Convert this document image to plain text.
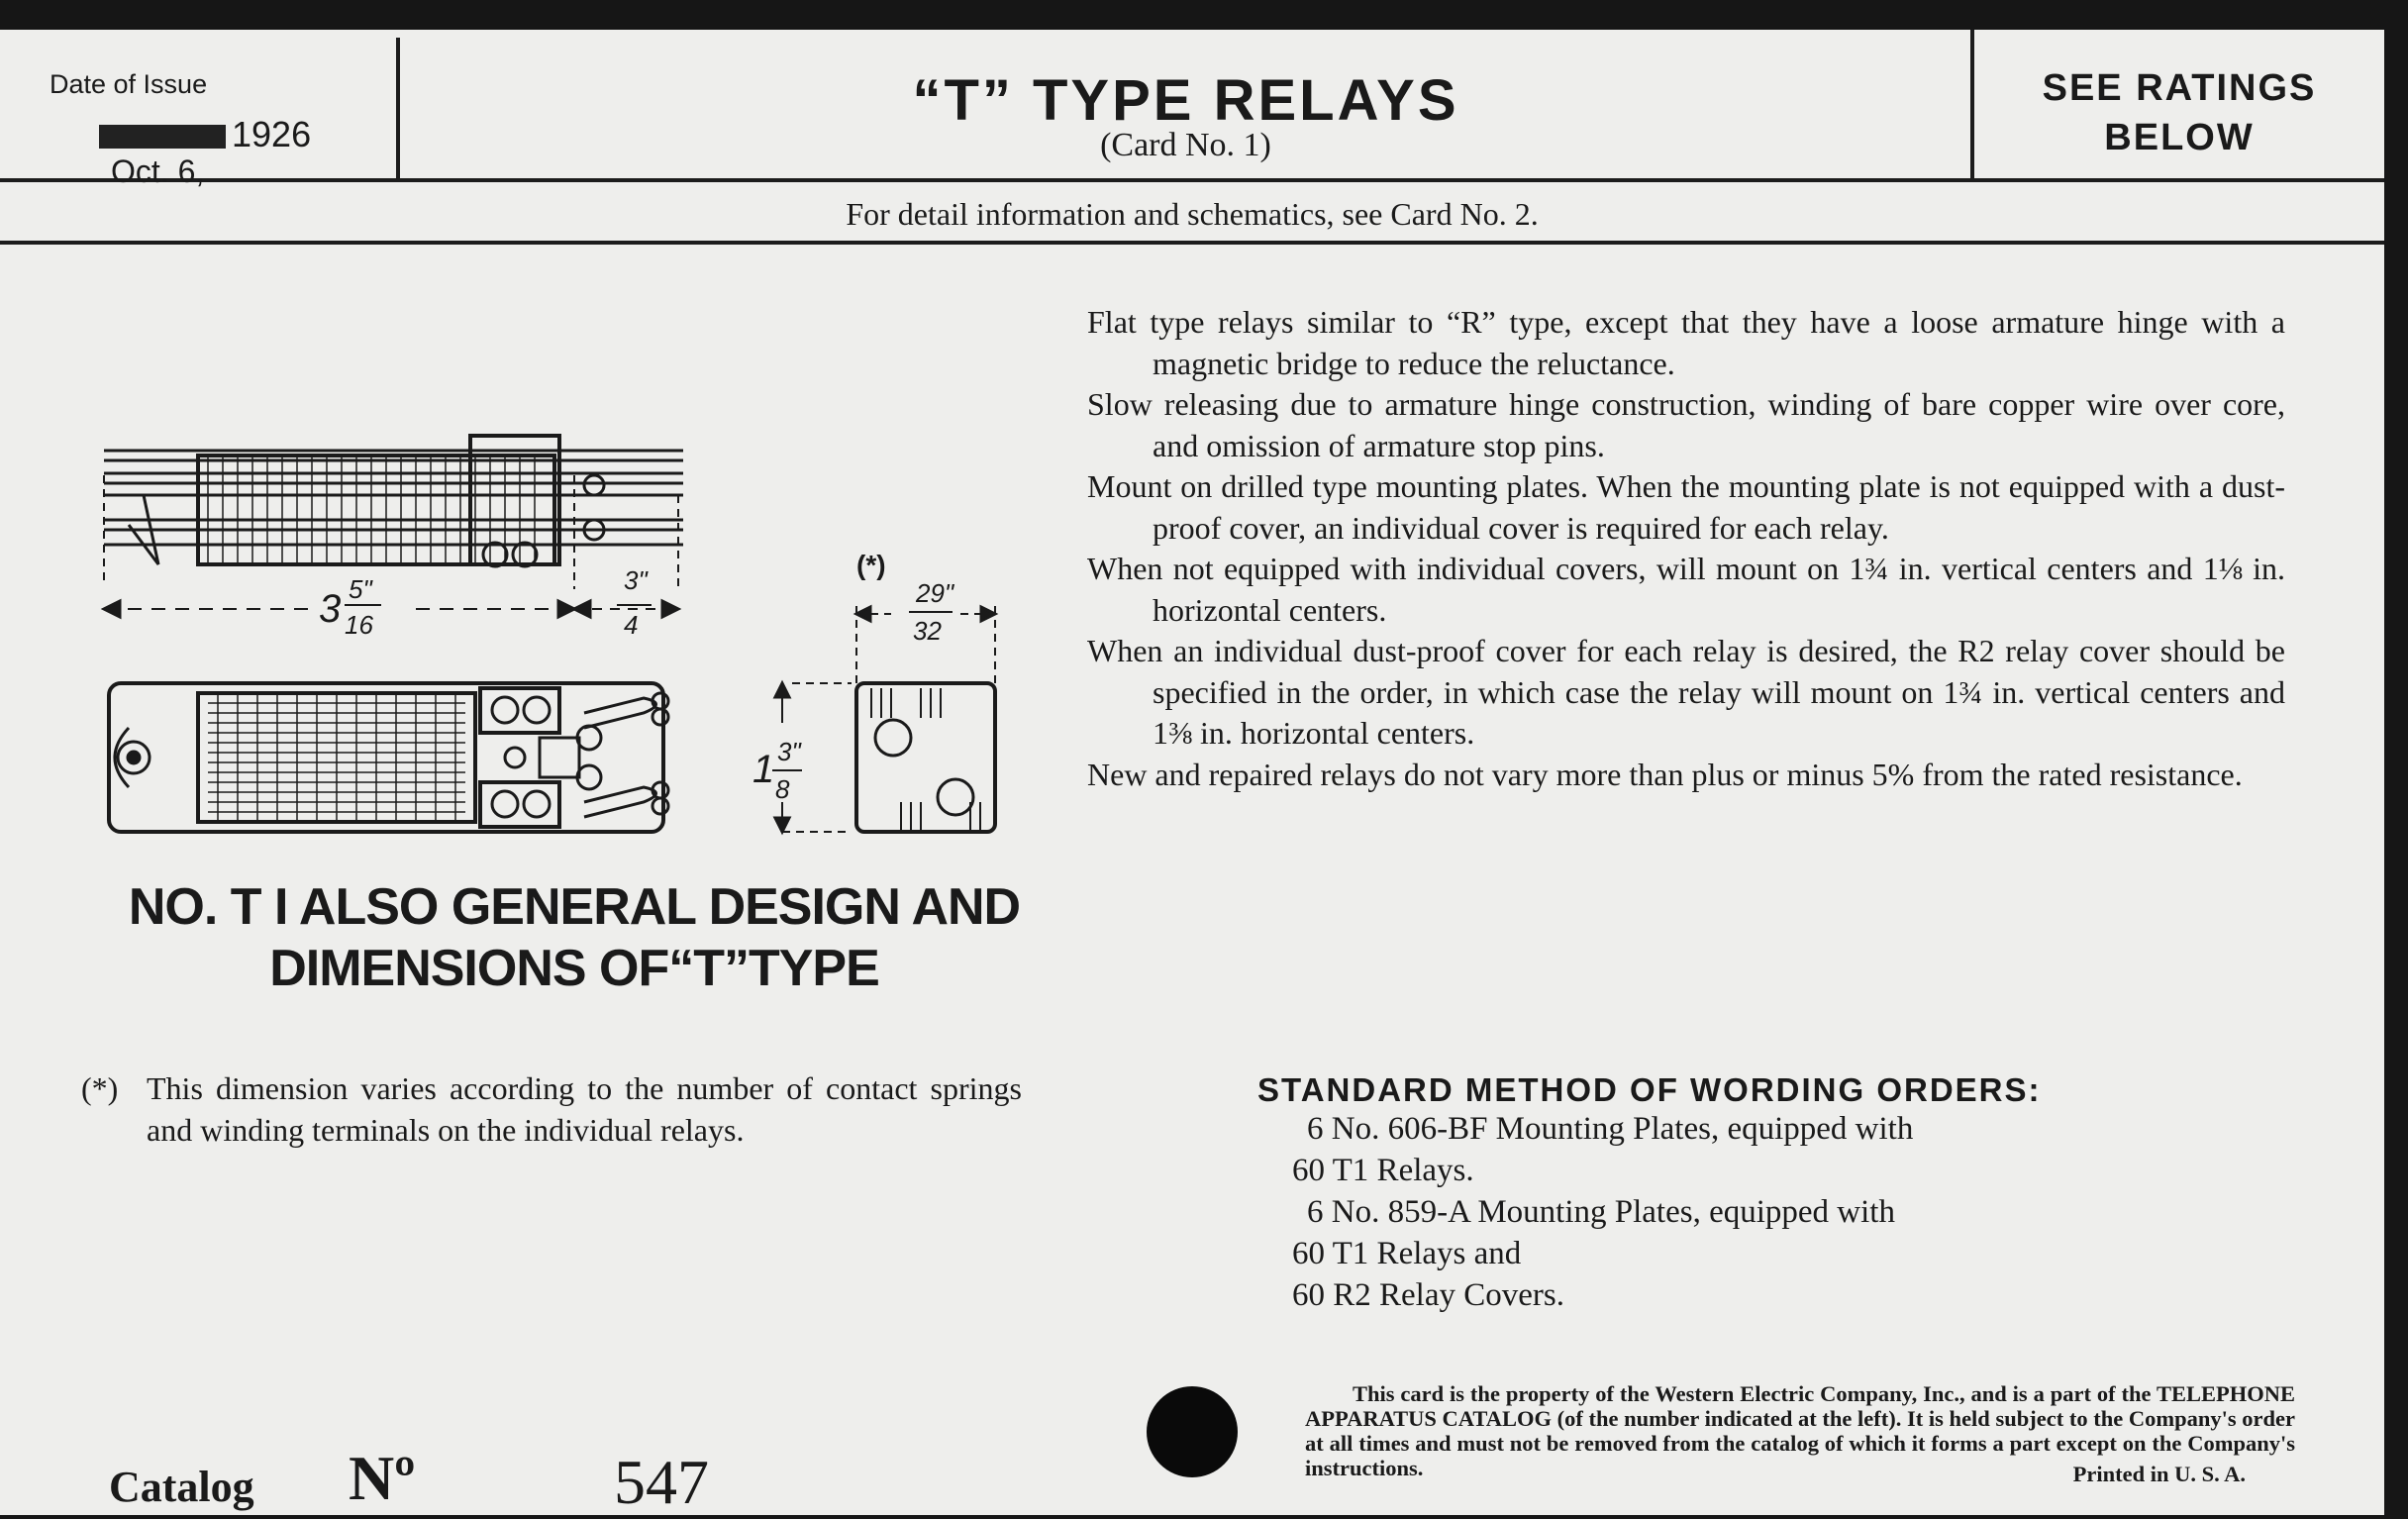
Date of Issue
1926
Oct. 6,
“T” TYPE RELAYS
(Card No. 1)
SEE RATINGS
BELOW
For detail information and schematics, see Card No. 2.
3 5"
16
3"
4
(*)
29"
32
1 3"
8

Flat type relays similar to “R” type, except that they have a loose armature hinge with a magnetic bridge to reduce the reluctance.

Slow releasing due to armature hinge construction, winding of bare copper wire over core, and omission of armature stop pins.

Mount on drilled type mounting plates. When the mounting plate is not equipped with a dust-proof cover, an individual cover is required for each relay.

When not equipped with individual covers, will mount on 1¾ in. vertical centers and 1⅛ in. horizontal centers.

When an individual dust-proof cover for each relay is desired, the R2 relay cover should be specified in the order, in which case the relay will mount on 1¾ in. vertical centers and 1⅜ in. horizontal centers.

New and repaired relays do not vary more than plus or minus 5% from the rated resistance.

NO. T I ALSO GENERAL DESIGN AND
DIMENSIONS OF“T”TYPE
(*) This dimension varies according to the number of contact springs and winding terminals on the individual relays.
STANDARD METHOD OF WORDING ORDERS:
6 No. 606-BF Mounting Plates, equipped with
60 T1 Relays.
6 No. 859-A Mounting Plates, equipped with
60 T1 Relays and
60 R2 Relay Covers.

This card is the property of the Western Electric Company, Inc., and is a part of the TELEPHONE APPARATUS CATALOG (of the number indicated at the left). It is held subject to the Company's order at all times and must not be removed from the catalog of which it forms a part except on the Company's instructions.	Printed in U. S. A.
Catalog Nº	547
